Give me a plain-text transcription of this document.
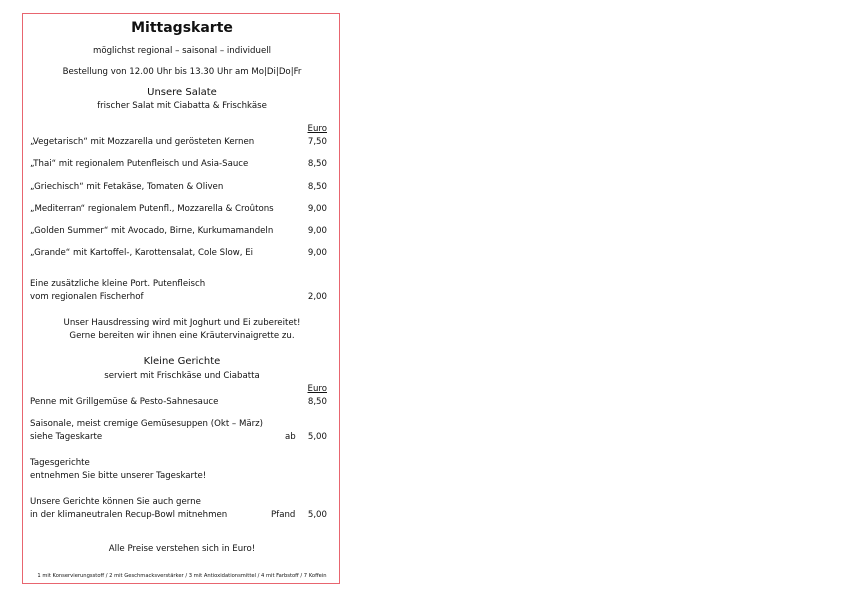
Mittagskarte
möglichst regional – saisonal – individuell
Bestellung von 12.00 Uhr bis 13.30 Uhr am Mo|Di|Do|Fr
Unsere Salate
frischer Salat mit Ciabatta & Frischkäse
Euro
„Vegetarisch“ mit Mozzarella und gerösteten Kernen	7,50
„Thai“ mit regionalem Putenfleisch und Asia-Sauce	8,50
„Griechisch“ mit Fetakäse, Tomaten & Oliven	8,50
„Mediterran“ regionalem Putenfl., Mozzarella & Croûtons	9,00
„Golden Summer“ mit Avocado, Birne, Kurkumamandeln	9,00
„Grande“ mit Kartoffel-, Karottensalat, Cole Slow, Ei	9,00
Eine zusätzliche kleine Port. Putenfleisch
vom regionalen Fischerhof	2,00
Unser Hausdressing wird mit Joghurt und Ei zubereitet!
Gerne bereiten wir ihnen eine Kräutervinaigrette zu.
Kleine Gerichte
serviert mit Frischkäse und Ciabatta
Euro
Penne mit Grillgemüse & Pesto-Sahnesauce	8,50
Saisonale, meist cremige Gemüsesuppen (Okt – März)
siehe Tageskarte	ab 5,00
Tagesgerichte
entnehmen Sie bitte unserer Tageskarte!
Unsere Gerichte können Sie auch gerne
in der klimaneutralen Recup-Bowl mitnehmen	Pfand 5,00
Alle Preise verstehen sich in Euro!
1 mit Konservierungsstoff / 2 mit Geschmacksverstärker / 3 mit Antioxidationsmittel / 4 mit Farbstoff / 7 Koffein
